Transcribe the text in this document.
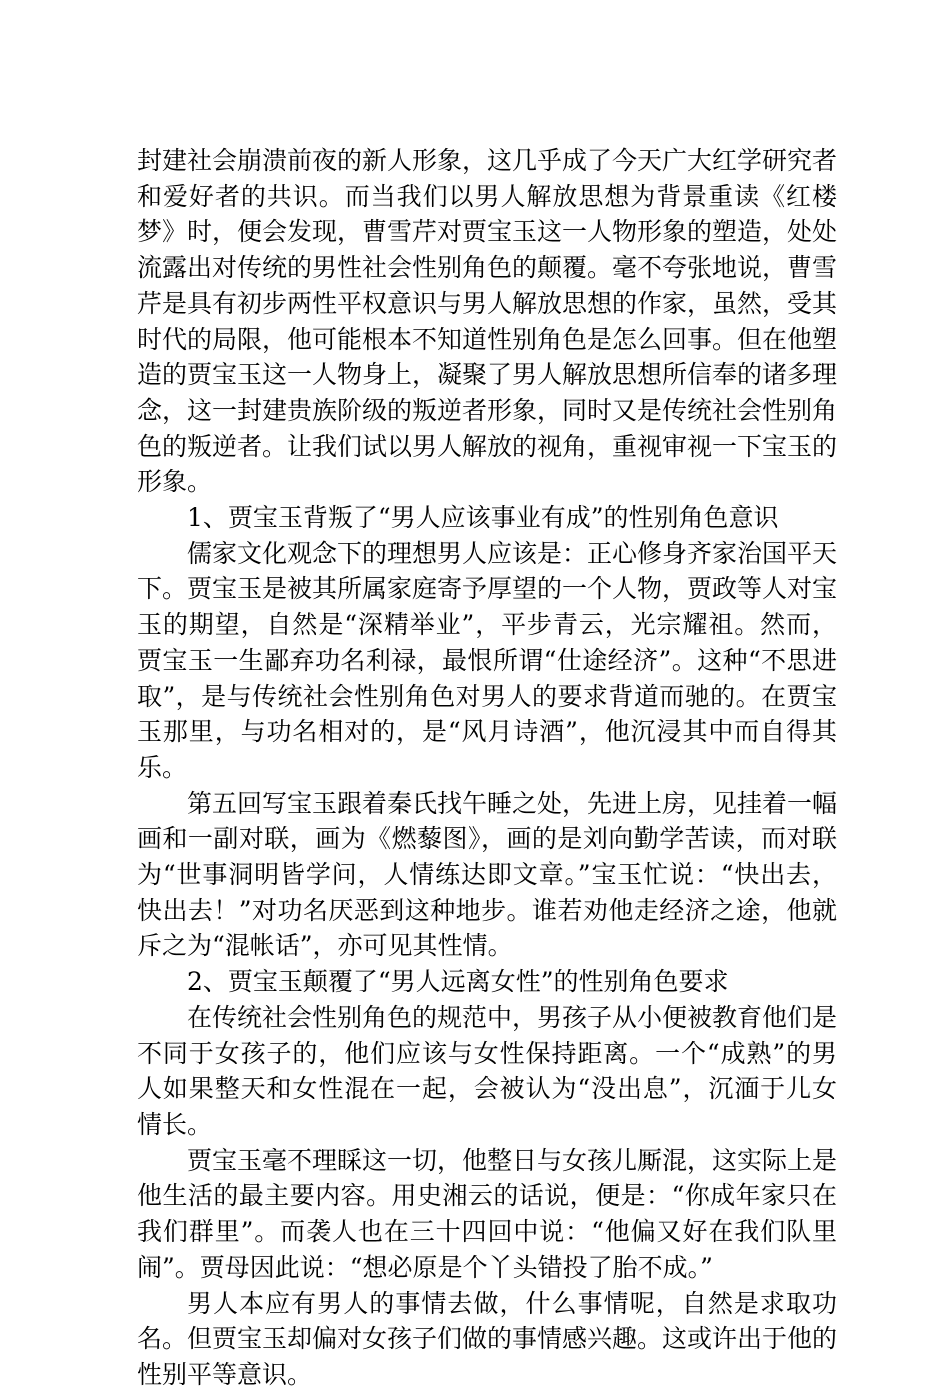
封建社会崩溃前夜的新人形象，这几乎成了今天广大红学研究者和爱好者的共识。而当我们以男人解放思想为背景重读《红楼梦》时，便会发现，曹雪芹对贾宝玉这一人物形象的塑造，处处流露出对传统的男性社会性别角色的颠覆。毫不夸张地说，曹雪芹是具有初步两性平权意识与男人解放思想的作家，虽然，受其时代的局限，他可能根本不知道性别角色是怎么回事。但在他塑造的贾宝玉这一人物身上，凝聚了男人解放思想所信奉的诸多理念，这一封建贵族阶级的叛逆者形象，同时又是传统社会性别角色的叛逆者。让我们试以男人解放的视角，重视审视一下宝玉的形象。

1、贾宝玉背叛了“男人应该事业有成”的性别角色意识

儒家文化观念下的理想男人应该是：正心修身齐家治国平天下。贾宝玉是被其所属家庭寄予厚望的一个人物，贾政等人对宝玉的期望，自然是“深精举业”，平步青云，光宗耀祖。然而，贾宝玉一生鄙弃功名利禄，最恨所谓“仕途经济”。这种“不思进取”，是与传统社会性别角色对男人的要求背道而驰的。在贾宝玉那里，与功名相对的，是“风月诗酒”，他沉浸其中而自得其乐。

第五回写宝玉跟着秦氏找午睡之处，先进上房，见挂着一幅画和一副对联，画为《燃藜图》，画的是刘向勤学苦读，而对联为“世事洞明皆学问，人情练达即文章。”宝玉忙说：“快出去，快出去！”对功名厌恶到这种地步。谁若劝他走经济之途，他就斥之为“混帐话”，亦可见其性情。

2、贾宝玉颠覆了“男人远离女性”的性别角色要求

在传统社会性别角色的规范中，男孩子从小便被教育他们是不同于女孩子的，他们应该与女性保持距离。一个“成熟”的男人如果整天和女性混在一起，会被认为“没出息”，沉湎于儿女情长。

贾宝玉毫不理睬这一切，他整日与女孩儿厮混，这实际上是他生活的最主要内容。用史湘云的话说，便是：“你成年家只在我们群里”。而袭人也在三十四回中说：“他偏又好在我们队里闹”。贾母因此说：“想必原是个丫头错投了胎不成。”

男人本应有男人的事情去做，什么事情呢，自然是求取功名。但贾宝玉却偏对女孩子们做的事情感兴趣。这或许出于他的性别平等意识。
